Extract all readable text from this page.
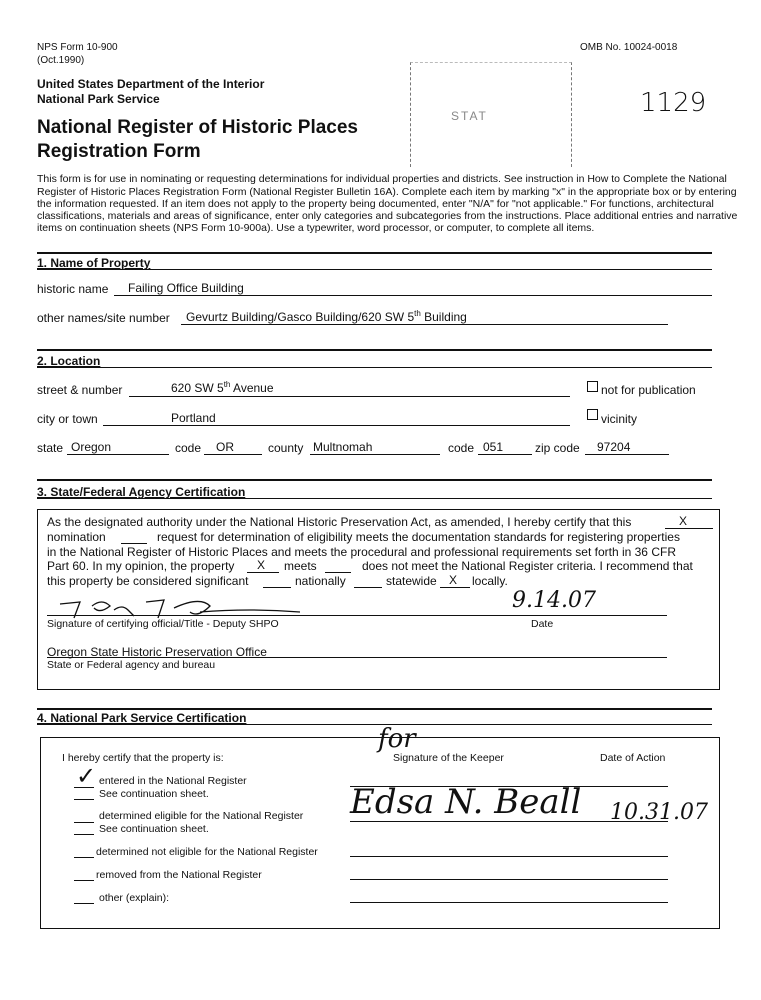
NPS Form 10-900
(Oct.1990)
OMB No. 10024-0018
United States Department of the Interior
National Park Service
National Register of Historic Places
Registration Form
STAT	1129
This form is for use in nominating or requesting determinations for individual properties and districts. See instruction in How to Complete the National
Register of Historic Places Registration Form (National Register Bulletin 16A). Complete each item by marking "x" in the appropriate box or by entering
the information requested. If an item does not apply to the property being documented, enter "N/A" for "not applicable." For functions, architectural
classifications, materials and areas of significance, enter only categories and subcategories from the instructions. Place additional entries and narrative
items on continuation sheets (NPS Form 10-900a). Use a typewriter, word processor, or computer, to complete all items.
1. Name of Property
historic name Failing Office Building
other names/site number Gevurtz Building/Gasco Building/620 SW 5th Building
2. Location
street & number	620 SW 5th Avenue	not for publication
city or town	Portland	vicinity
state Oregon	code OR	county Multnomah	code 051	zip code 97204
3. State/Federal Agency Certification
As the designated authority under the National Historic Preservation Act, as amended, I hereby certify that this	X
nomination	request for determination of eligibility meets the documentation standards for registering properties
in the National Register of Historic Places and meets the procedural and professional requirements set forth in 36 CFR
Part 60. In my opinion, the property X meets	does not meet the National Register criteria. I recommend that
this property be considered significant	nationally	statewide X locally.
9.14.07
Signature of certifying official/Title - Deputy SHPO	Date
Oregon State Historic Preservation Office
State or Federal agency and bureau
4. National Park Service Certification
I hereby certify that the property is:	Signature of the Keeper	Date of Action
for
Edsa N. Beall 10.31.07
✓ entered in the National Register
See continuation sheet.
determined eligible for the National Register
See continuation sheet.
determined not eligible for the National Register
removed from the National Register
other (explain):
